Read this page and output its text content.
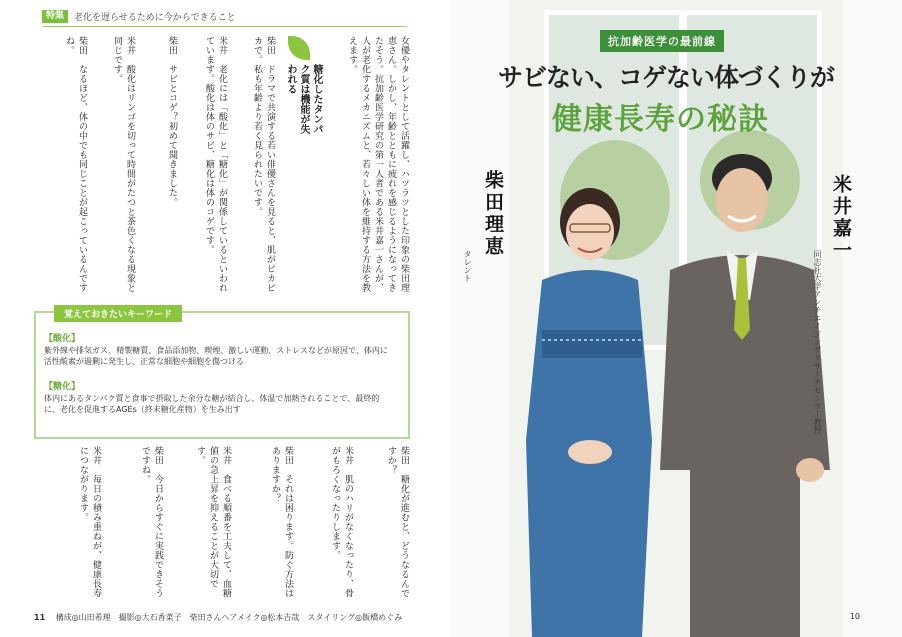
特集	老化を遅らせるために今からできること
女優やタレントとして活躍し、ハツラツとした印象の柴田理恵さん。しかし、年齢とともに疲れを感じるようになってきたそう。抗加齢医学研究の第一人者である米井嘉一さんが、人が老化するメカニズムと、若々しい体を維持する方法を教えます。
糖化したタンパク質は機能が失われる
柴田　ドラマで共演する若い俳優さんを見ると、肌がピカピカで。私も年齢より若く見られたいです。
米井　老化には「酸化」と「糖化」が関係しているといわれています。酸化は体のサビ、糖化は体のコゲです。
柴田　サビとコゲ？初めて聞きました。
米井　酸化はリンゴを切って時間がたつと茶色くなる現象と同じです。
柴田　なるほど、体の中でも同じことが起こっているんですね。
覚えておきたいキーワード
【酸化】
紫外線や排気ガス、精製糖質、食品添加物、喫煙、激しい運動、ストレスなどが原因で、体内に活性酸素が過剰に発生し、正常な細胞や細胞を傷つける
【糖化】
体内にあるタンパク質と食事で摂取した余分な糖が結合し、体温で加熱されることで、最終的に、老化を促進するAGEs（終末糖化産物）を生み出す
柴田　糖化が進むと、どうなるんですか？
米井　肌のハリがなくなったり、骨がもろくなったりします。
柴田　それは困ります。防ぐ方法はありますか？
米井　食べる順番を工夫して、血糖値の急上昇を抑えることが大切です。
柴田　今日からすぐに実践できそうですね。
米井　毎日の積み重ねが、健康長寿につながります。
11 構成◎山田希理　撮影◎大石香菜子　柴田さんヘアメイク◎松本吉哉　スタイリング◎飯橋めぐみ
抗加齢医学の最前線
サビない、コゲない体づくりが
健康長寿の秘訣
柴田理恵
タレント
米井嘉一
同志社大学アンチエイジングリサーチセンター教授
10
